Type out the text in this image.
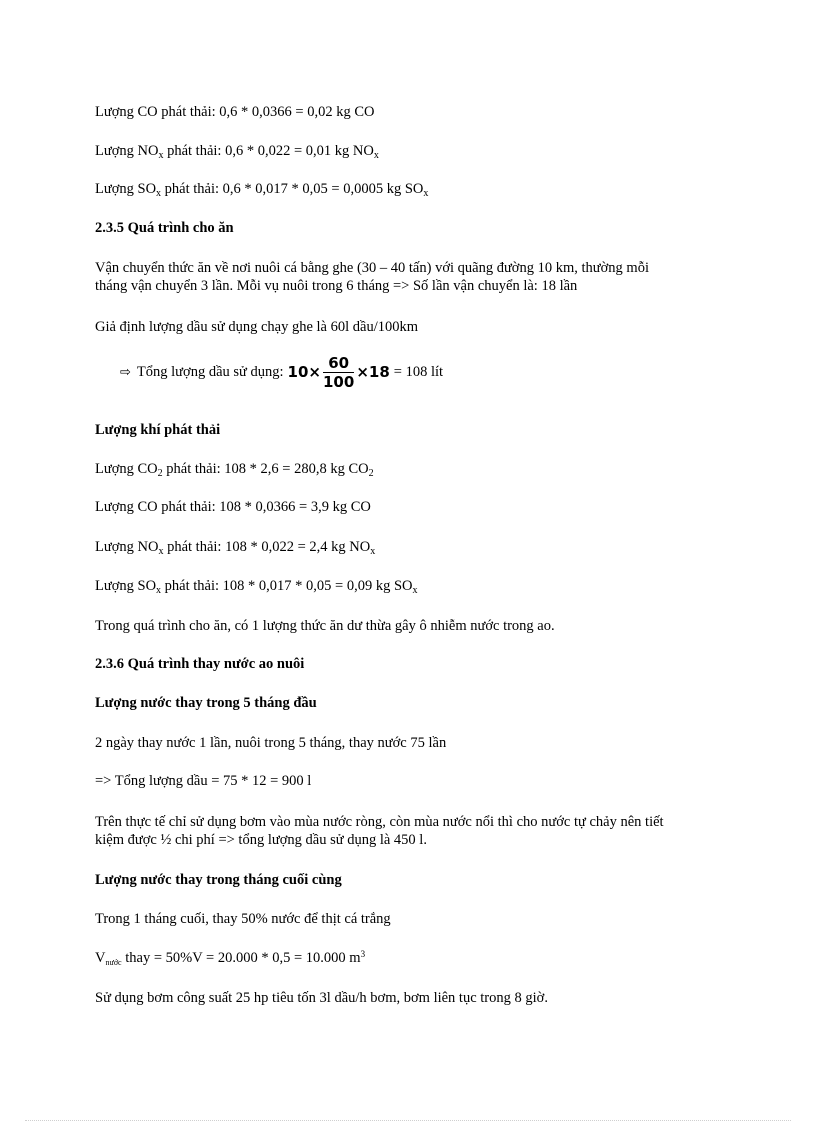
Lượng CO phát thải: 0,6 * 0,0366 = 0,02 kg CO
Lượng $NO_x$ phát thải: 0,6 * 0,022 = 0,01 kg $NO_x$
Lượng $SO_x$ phát thải: 0,6 * 0,017 * 0,05 = 0,0005 kg $SO_x$
2.3.5 Quá trình cho ăn
Vận chuyển thức ăn về nơi nuôi cá bằng ghe (30 – 40 tấn) với quãng đường 10 km, thường mỗi
tháng vận chuyển 3 lần. Mỗi vụ nuôi trong 6 tháng => Số lần vận chuyển là: 18 lần
Giả định lượng dầu sử dụng chạy ghe là 60l dầu/100km
⇨ Tổng lượng dầu sử dụng: $10\times \frac{60}{100} \times 18 = 108$ lít
Lượng khí phát thải
Lượng $CO_2$ phát thải: 108 * 2,6 = 280,8 kg $CO_2$
Lượng CO phát thải: 108 * 0,0366 = 3,9 kg CO
Lượng $NO_x$ phát thải: 108 * 0,022 = 2,4 kg $NO_x$
Lượng $SO_x$ phát thải: 108 * 0,017 * 0,05 = 0,09 kg $SO_x$
Trong quá trình cho ăn, có 1 lượng thức ăn dư thừa gây ô nhiễm nước trong ao.
2.3.6 Quá trình thay nước ao nuôi
Lượng nước thay trong 5 tháng đầu
2 ngày thay nước 1 lần, nuôi trong 5 tháng, thay nước 75 lần
=> Tổng lượng dầu = 75 * 12 = 900 l
Trên thực tế chỉ sử dụng bơm vào mùa nước ròng, còn mùa nước nổi thì cho nước tự chảy nên tiết
kiệm được ½ chi phí => tổng lượng dầu sử dụng là 450 l.
Lượng nước thay trong tháng cuối cùng
Trong 1 tháng cuối, thay 50% nước để thịt cá trắng
$V_{nước}$ thay = 50%V = 20.000 * 0,5 = 10.000 $m^3$
Sử dụng bơm công suất 25 hp tiêu tốn 3l dầu/h bơm, bơm liên tục trong 8 giờ.
